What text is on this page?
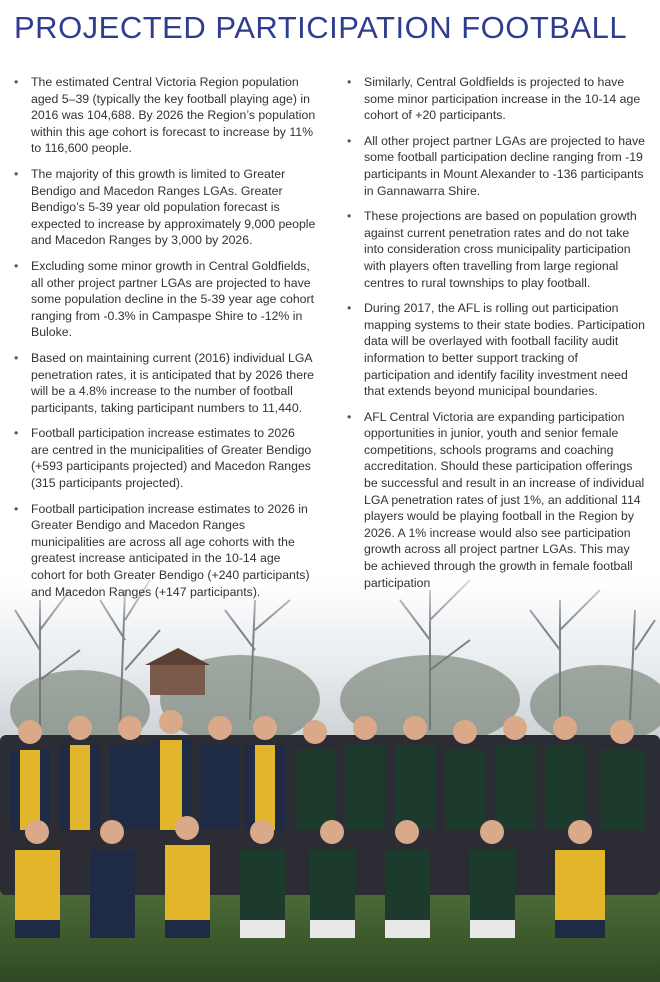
PROJECTED PARTICIPATION FOOTBALL
• The estimated Central Victoria Region population aged 5–39 (typically the key football playing age) in 2016 was 104,688. By 2026 the Region’s population within this age cohort is forecast to increase by 11% to 116,600 people.
• The majority of this growth is limited to Greater Bendigo and Macedon Ranges LGAs. Greater Bendigo’s 5-39 year old population forecast is expected to increase by approximately 9,000 people and Macedon Ranges by 3,000 by 2026.
• Excluding some minor growth in Central Goldfields, all other project partner LGAs are projected to have some population decline in the 5-39 year age cohort ranging from -0.3% in Campaspe Shire to -12% in Buloke.
• Based on maintaining current (2016) individual LGA penetration rates, it is anticipated that by 2026 there will be a 4.8% increase to the number of football participants, taking participant numbers to 11,440.
• Football participation increase estimates to 2026 are centred in the municipalities of Greater Bendigo (+593 participants projected) and Macedon Ranges (315 participants projected).
• Football participation increase estimates to 2026 in Greater Bendigo and Macedon Ranges municipalities are across all age cohorts with the greatest increase anticipated in the 10-14 age cohort for both Greater Bendigo (+240 participants) and Macedon Ranges (+147 participants).
• Similarly, Central Goldfields is projected to have some minor participation increase in the 10-14 age cohort of +20 participants.
• All other project partner LGAs are projected to have some football participation decline ranging from -19 participants in Mount Alexander to -136 participants in Gannawarra Shire.
• These projections are based on population growth against current penetration rates and do not take into consideration cross municipality participation with players often travelling from large regional centres to rural townships to play football.
• During 2017, the AFL is rolling out participation mapping systems to their state bodies. Participation data will be overlayed with football facility audit information to better support tracking of participation and identify facility investment need that extends beyond municipal boundaries.
• AFL Central Victoria are expanding participation opportunities in junior, youth and senior female competitions, schools programs and coaching accreditation. Should these participation offerings be successful and result in an increase of individual LGA penetration rates of just 1%, an additional 114 players would be playing football in the Region by 2026. A 1% increase would also see participation growth across all project partner LGAs. This may be achieved through the growth in female football participation
